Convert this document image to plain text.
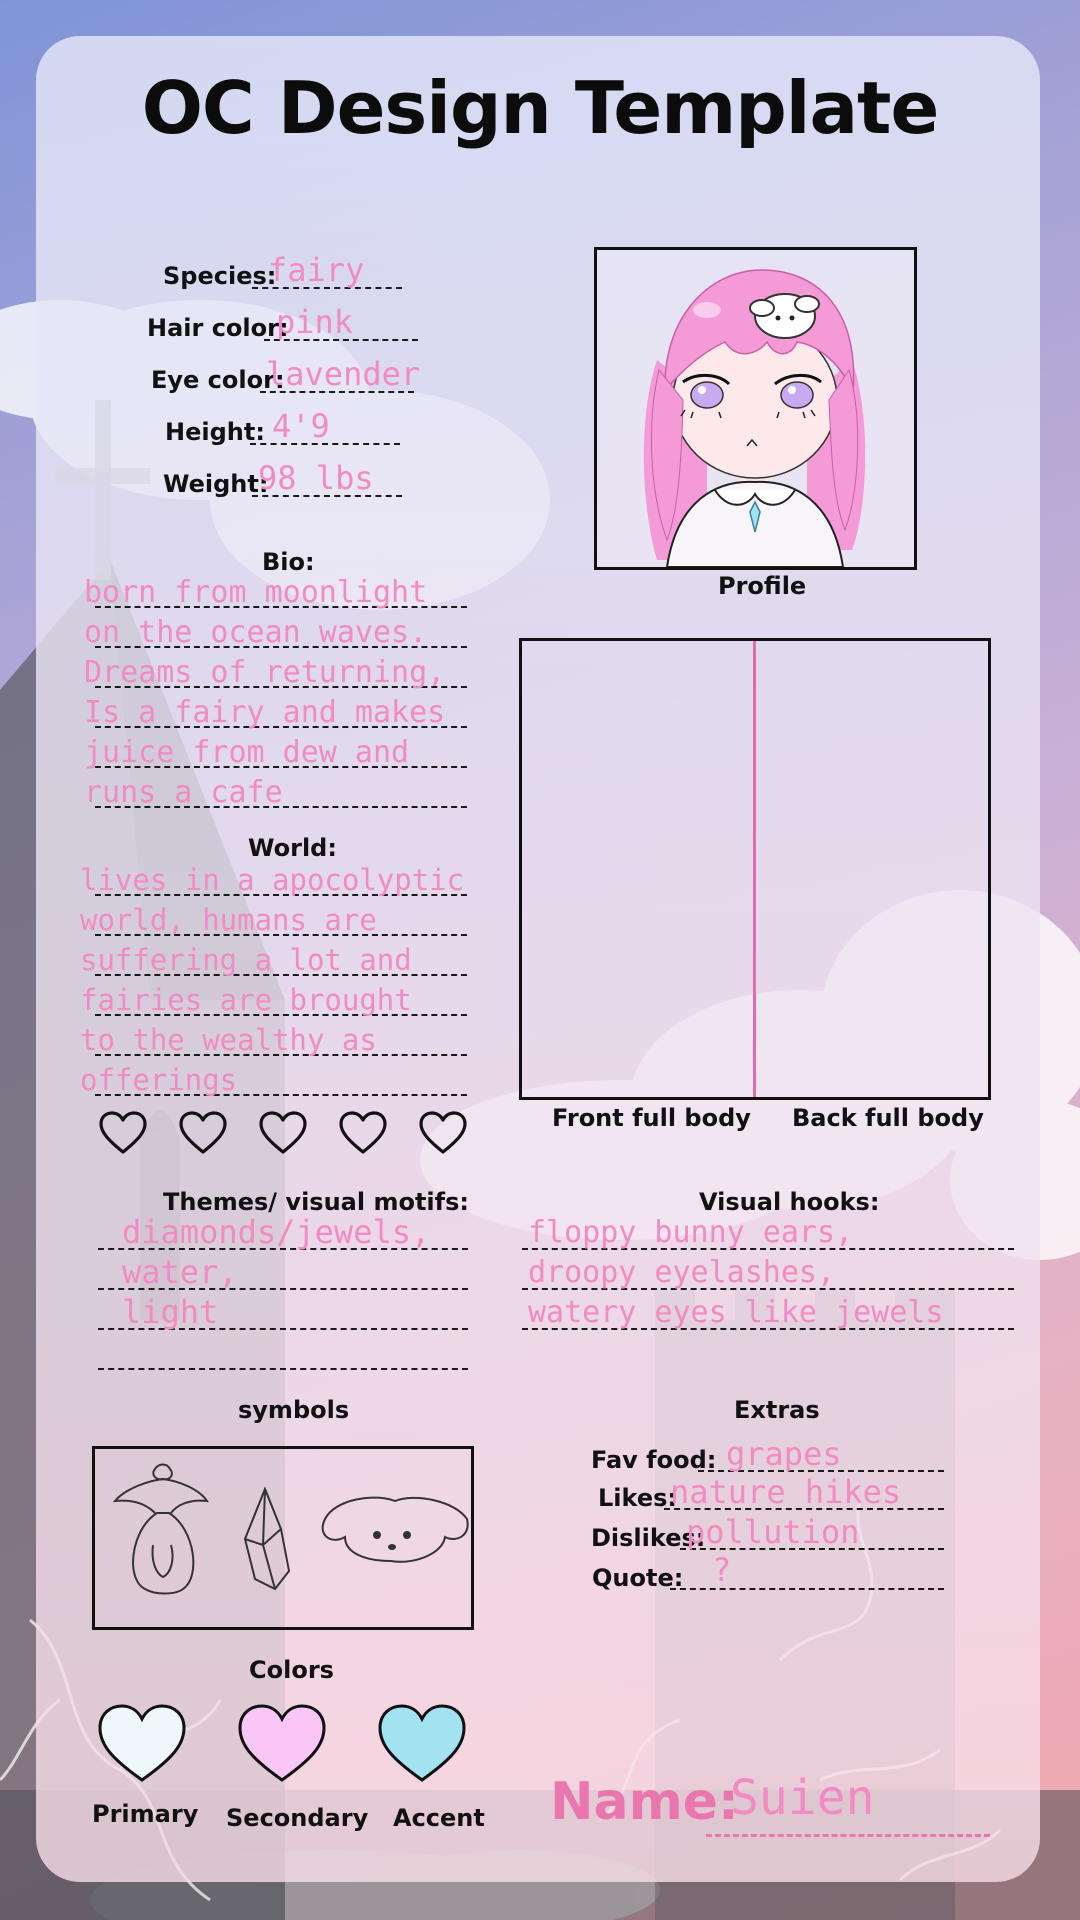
OC Design Template
Species:
fairy
Hair color:
pink
Eye color:
lavender
Height: 4'9
Weight:
98 lbs
Bio:
born from moonlight
on the ocean waves.
Dreams of returning,
Is a fairy and makes
juice from dew and
runs a cafe
World:
lives in a apocolyptic
world, humans are
suffering a lot and
fairies are brought
to the wealthy as
offerings
Profile
Front full body Back full body
Themes/ visual motifs:
diamonds/jewels,
water,
light
Visual hooks:
floppy bunny ears,
droopy eyelashes,
watery eyes like jewels
symbols
Colors
Primary Secondary Accent
Extras
Fav food: grapes
Likes:
nature hikes
Dislikes:
pollution
Quote: ?
Name:
Suien
